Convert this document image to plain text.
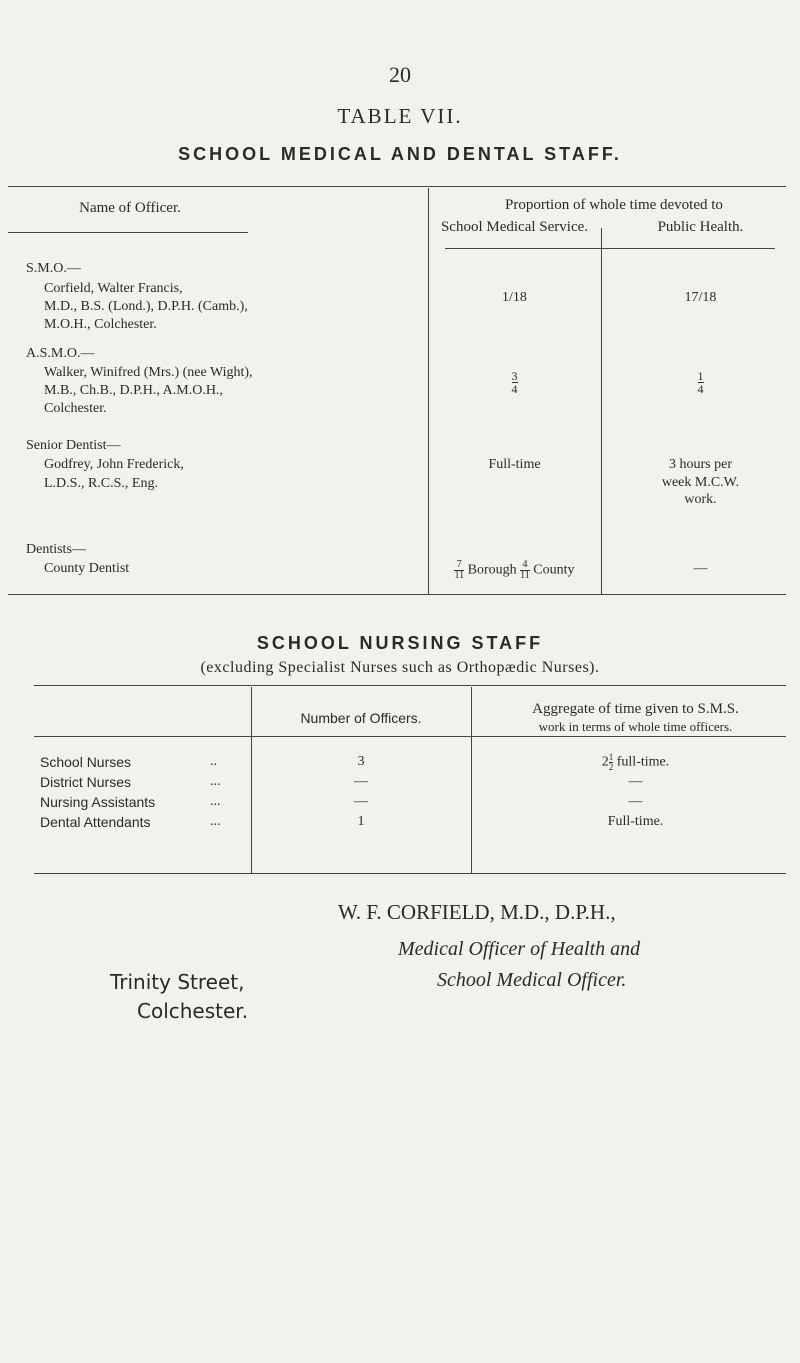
20
TABLE VII.
SCHOOL MEDICAL AND DENTAL STAFF.
Name of Officer.	Proportion of whole time devoted to
School Medical Service.	Public Health.
S.M.O.—
Corfield, Walter Francis,
M.D., B.S. (Lond.), D.P.H. (Camb.),
M.O.H., Colchester.
1/18	17/18
A.S.M.O.—
Walker, Winifred (Mrs.) (nee Wight),
M.B., Ch.B., D.P.H., A.M.O.H.,
Colchester.
$\frac{3}{4}$	$\frac{1}{4}$
Senior Dentist—
Godfrey, John Frederick,
L.D.S., R.C.S., Eng.
Full-time	3 hours per
week M.C.W.
work.
Dentists—
County Dentist	$\frac{7}{11}$ Borough $\frac{4}{11}$ County	—
SCHOOL NURSING STAFF
(excluding Specialist Nurses such as Orthopædic Nurses).
Number of Officers.
Aggregate of time given to S.M.S.
work in terms of whole time officers.
School Nurses	..	3	$2 \frac{1}{2}$ full-time.
District Nurses	...	—	—
Nursing Assistants	...	—	—
Dental Attendants	...	1	Full-time.
W. F. CORFIELD, M.D., D.P.H.,
Medical Officer of Health and
School Medical Officer.
Trinity Street,
Colchester.
